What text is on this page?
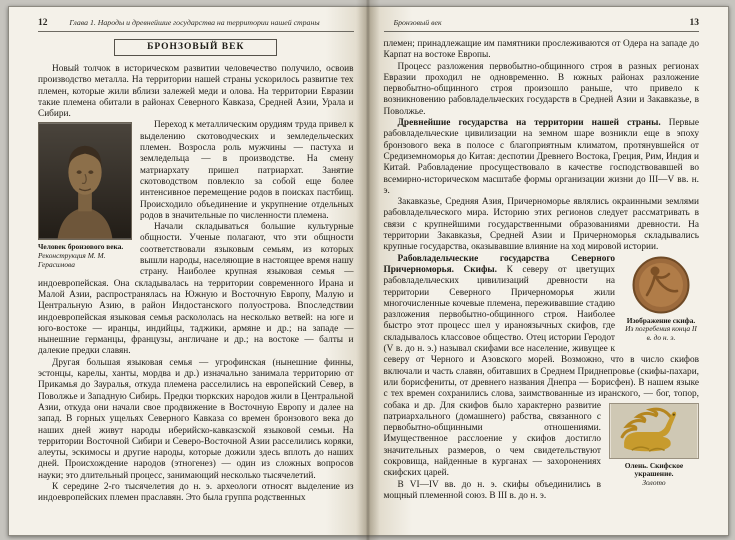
12	Глава 1. Народы и древнейшие государства на территории нашей страны
БРОНЗОВЫЙ ВЕК

Новый толчок в историческом развитии человечество получило, освоив производство металла. На территории нашей страны ускорилось развитие тех племен, которые жили вблизи залежей меди и олова. На территории Евразии такие племена обитали в районах Северного Кавказа, Средней Азии, Урала и Сибири.

Человек бронзового века.
Реконструкция М. М. Герасимова

Переход к металлическим орудиям труда привел к выделению скотоводческих и земледельческих племен. Возросла роль мужчины — пастуха и земледельца — в производстве. На смену матриархату пришел патриархат. Занятие скотоводством повлекло за собой еще более интенсивное перемещение родов в поисках пастбищ. Происходило объединение и укрупнение отдельных родов в значительные по численности племена.

Начали складываться большие культурные общности. Ученые полагают, что эти общности соответствовали языковым семьям, из которых вышли народы, населяющие в настоящее время нашу страну. Наиболее крупная языковая семья — индоевропейская. Она складывалась на территории современного Ирана и Малой Азии, распространялась на Южную и Восточную Европу, Малую и Центральную Азию, в район Индостанского полуострова. Впоследствии индоевропейская языковая семья раскололась на несколько ветвей: на юге и юго-востоке — иранцы, индийцы, таджики, армяне и др.; на западе — нынешние германцы, французы, англичане и др.; на востоке — балты и далекие предки славян.

Другая большая языковая семья — угрофинская (нынешние финны, эстонцы, карелы, ханты, мордва и др.) изначально занимала территорию от Прикамья до Зауралья, откуда племена расселились на европейский Север, в Поволжье и Западную Сибирь. Предки тюркских народов жили в Центральной Азии, откуда они начали свое продвижение в Восточную Европу и далее на запад. В горных ущельях Северного Кавказа со времен бронзового века до наших дней живут народы иберийско-кавказской языковой семьи. На территории Восточной Сибири и Северо-Восточной Азии расселились коряки, алеуты, эскимосы и другие народы, которые дожили здесь вплоть до наших дней. Происхождение народов (этногенез) — один из сложных вопросов науки; это длительный процесс, занимающий несколько тысячелетий.

К середине 2-го тысячелетия до н. э. археологи относят выделение из индоевропейских племен праславян. Это была группа родственных

Бронзовый век	13

племен; принадлежащие им памятники прослеживаются от Одера на западе до Карпат на востоке Европы.

Процесс разложения первобытно-общинного строя в разных регионах Евразии проходил не одновременно. В южных районах разложение первобытно-общинного строя произошло раньше, что привело к возникновению рабовладельческих государств в Средней Азии и Закавказье, в Поволжье.

Древнейшие государства на территории нашей страны. Первые рабовладельческие цивилизации на земном шаре возникли еще в эпоху бронзового века в полосе с благоприятным климатом, протянувшейся от Средиземноморья до Китая: деспотии Древнего Востока, Греция, Рим, Индия и Китай. Рабовладение просуществовало в качестве господствовавшей во всемирно-историческом масштабе формы организации жизни до III—V вв. н. э.

Закавказье, Средняя Азия, Причерноморье являлись окраинными землями рабовладельческого мира. Историю этих регионов следует рассматривать в связи с крупнейшими государственными образованиями древности. На территории Закавказья, Средней Азии и Причерноморья складывались крупные государства, оказывавшие влияние на ход мировой истории.

Изображение скифа.
Из погребения конца II в. до н. э.
Рабовладельческие государства Северного Причерноморья. Скифы. К северу от цветущих рабовладельческих цивилизаций древности на территории Северного Причерноморья жили многочисленные кочевые племена, переживавшие стадию разложения первобытно-общинного строя. Наиболее быстро этот процесс шел у ираноязычных скифов, где складывалось классовое общество. Отец истории Геродот (V в. до н. э.) называл скифами все население, живущее к северу от Черного и Азовского морей. Возможно, что в число скифов включали и часть славян, обитавших в Среднем Приднепровье (скифы-пахари, или борисфениты, от древнего названия Днепра — Борисфен). В нашем языке с тех времен сохранились слова, заимствованные из иранского, — бог, топор, собака и др.
Олень. Скифское украшение.
Золото
Для скифов было характерно развитие патриархального (домашнего) рабства, связанного с первобытно-общинными отношениями. Имущественное расслоение у скифов достигло значительных размеров, о чем свидетельствуют сокровища, найденные в курганах — захоронениях скифских царей.

В VI—IV вв. до н. э. скифы объединились в мощный племенной союз. В III в. до н. э.
